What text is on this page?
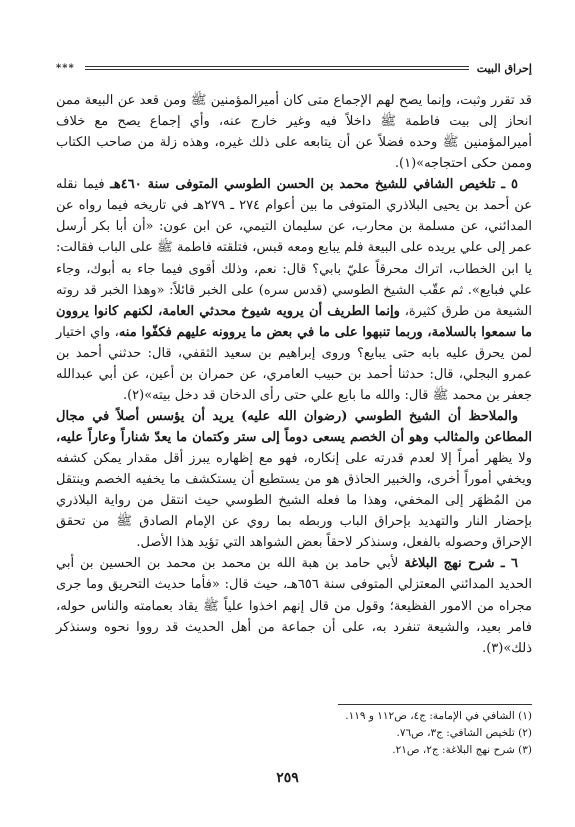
إحراق البيت
***

قد تقرر وثبت، وإنما يصح لهم الإجماع متى كان أميرالمؤمنين ﷺ ومن قعد عن البيعة ممن انحاز إلى بيت فاطمة ﷺ داخلاً فيه وغير خارج عنه، وأي إجماع يصح مع خلاف أميرالمؤمنين ﷺ وحده فضلاً عن أن يتابعه على ذلك غيره، وهذه زلة من صاحب الكتاب وممن حكى احتجاجه»(١).

٥ ـ تلخيص الشافي للشيخ محمد بن الحسن الطوسي المتوفى سنة ٤٦٠هـ فيما نقله عن أحمد بن يحيى البلاذري المتوفى ما بين أعوام ٢٧٤ ـ ٢٧٩هـ في تاريخه فيما رواه عن المدائني، عن مسلمة بن محارب، عن سليمان التيمي، عن ابن عون: «أن أبا بكر أرسل عمر إلى علي يريده على البيعة فلم يبايع ومعه قبس، فتلقته فاطمة ﷺ على الباب فقالت: يا ابن الخطاب، اتراك محرقاً عليّ بابي؟ قال: نعم، وذلك أقوى فيما جاء به أبوك، وجاء علي فبايع». ثم عقّب الشيخ الطوسي (قدس سره) على الخبر قائلاً: «وهذا الخبر قد روته الشيعة من طرق كثيرة، وإنما الطريف أن يرويه شيوخ محدثي العامة، لكنهم كانوا يروون ما سمعوا بالسلامة، وربما تنبهوا على ما في بعض ما يروونه عليهم فكفّوا منه، واي اختيار لمن يحرق عليه بابه حتى يبايع؟ وروى إبراهيم بن سعيد الثقفي، قال: حدثني أحمد بن عمرو البجلي، قال: حدثنا أحمد بن حبيب العامري، عن حمران بن أعين، عن أبي عبدالله جعفر بن محمد ﷺ قال: والله ما بايع علي حتى رأى الدخان قد دخل بيته»(٢).

والملاحظ أن الشيخ الطوسي (رضوان الله عليه) يريد أن يؤسس أصلاً في مجال المطاعن والمثالب وهو أن الخصم يسعى دوماً إلى ستر وكتمان ما يعدّ شناراً وعاراً عليه، ولا يظهر أمراً إلا لعدم قدرته على إنكاره، فهو مع إظهاره يبرز أقل مقدار يمكن كشفه ويخفي أموراً أخرى، والخبير الحاذق هو من يستطيع أن يستكشف ما يخفيه الخصم وينتقل من المُظهَر إلى المخفي، وهذا ما فعله الشيخ الطوسي حيث انتقل من رواية البلاذري بإحضار النار والتهديد بإحراق الباب وربطه بما روي عن الإمام الصادق ﷺ من تحقق الإحراق وحصوله بالفعل، وسنذكر لاحقاً بعض الشواهد التي تؤيد هذا الأصل.

٦ ـ شرح نهج البلاغة لأبي حامد بن هبة الله بن محمد بن محمد بن الحسين بن أبي الحديد المدائني المعتزلي المتوفى سنة ٦٥٦هـ، حيث قال: «فأما حديث التحريق وما جرى مجراه من الامور الفظيعة؛ وقول من قال إنهم اخذوا علياً ﷺ يقاد بعمامته والناس حوله، فامر بعيد، والشيعة تنفرد به، على أن جماعة من أهل الحديث قد رووا نحوه وسنذكر ذلك»(٣).

(١) الشافي في الإمامة: ج٤، ص١١٢ و ١١٩.
(٢) تلخيص الشافي: ج٣، ص٧٦.
(٣) شرح نهج البلاغة: ج٢، ص٢١.
٢٥٩
